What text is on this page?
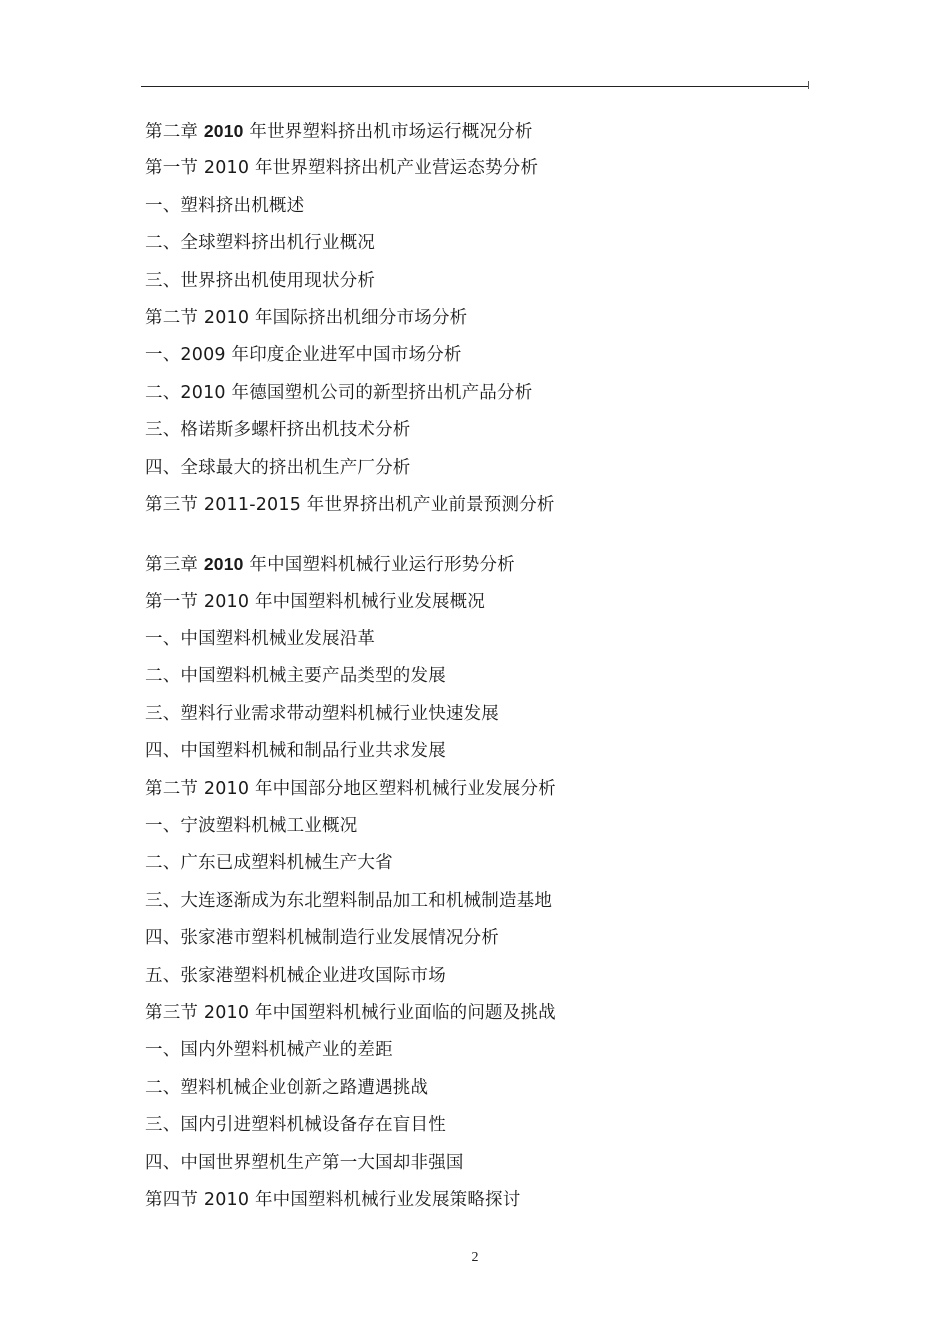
第二章 2010 年世界塑料挤出机市场运行概况分析
第一节 2010 年世界塑料挤出机产业营运态势分析
一、塑料挤出机概述
二、全球塑料挤出机行业概况
三、世界挤出机使用现状分析
第二节 2010 年国际挤出机细分市场分析
一、2009 年印度企业进军中国市场分析
二、2010 年德国塑机公司的新型挤出机产品分析
三、格诺斯多螺杆挤出机技术分析
四、全球最大的挤出机生产厂分析
第三节 2011-2015 年世界挤出机产业前景预测分析
第三章 2010 年中国塑料机械行业运行形势分析
第一节 2010 年中国塑料机械行业发展概况
一、中国塑料机械业发展沿革
二、中国塑料机械主要产品类型的发展
三、塑料行业需求带动塑料机械行业快速发展
四、中国塑料机械和制品行业共求发展
第二节 2010 年中国部分地区塑料机械行业发展分析
一、宁波塑料机械工业概况
二、广东已成塑料机械生产大省
三、大连逐渐成为东北塑料制品加工和机械制造基地
四、张家港市塑料机械制造行业发展情况分析
五、张家港塑料机械企业进攻国际市场
第三节 2010 年中国塑料机械行业面临的问题及挑战
一、国内外塑料机械产业的差距
二、塑料机械企业创新之路遭遇挑战
三、国内引进塑料机械设备存在盲目性
四、中国世界塑机生产第一大国却非强国
第四节 2010 年中国塑料机械行业发展策略探讨
2
